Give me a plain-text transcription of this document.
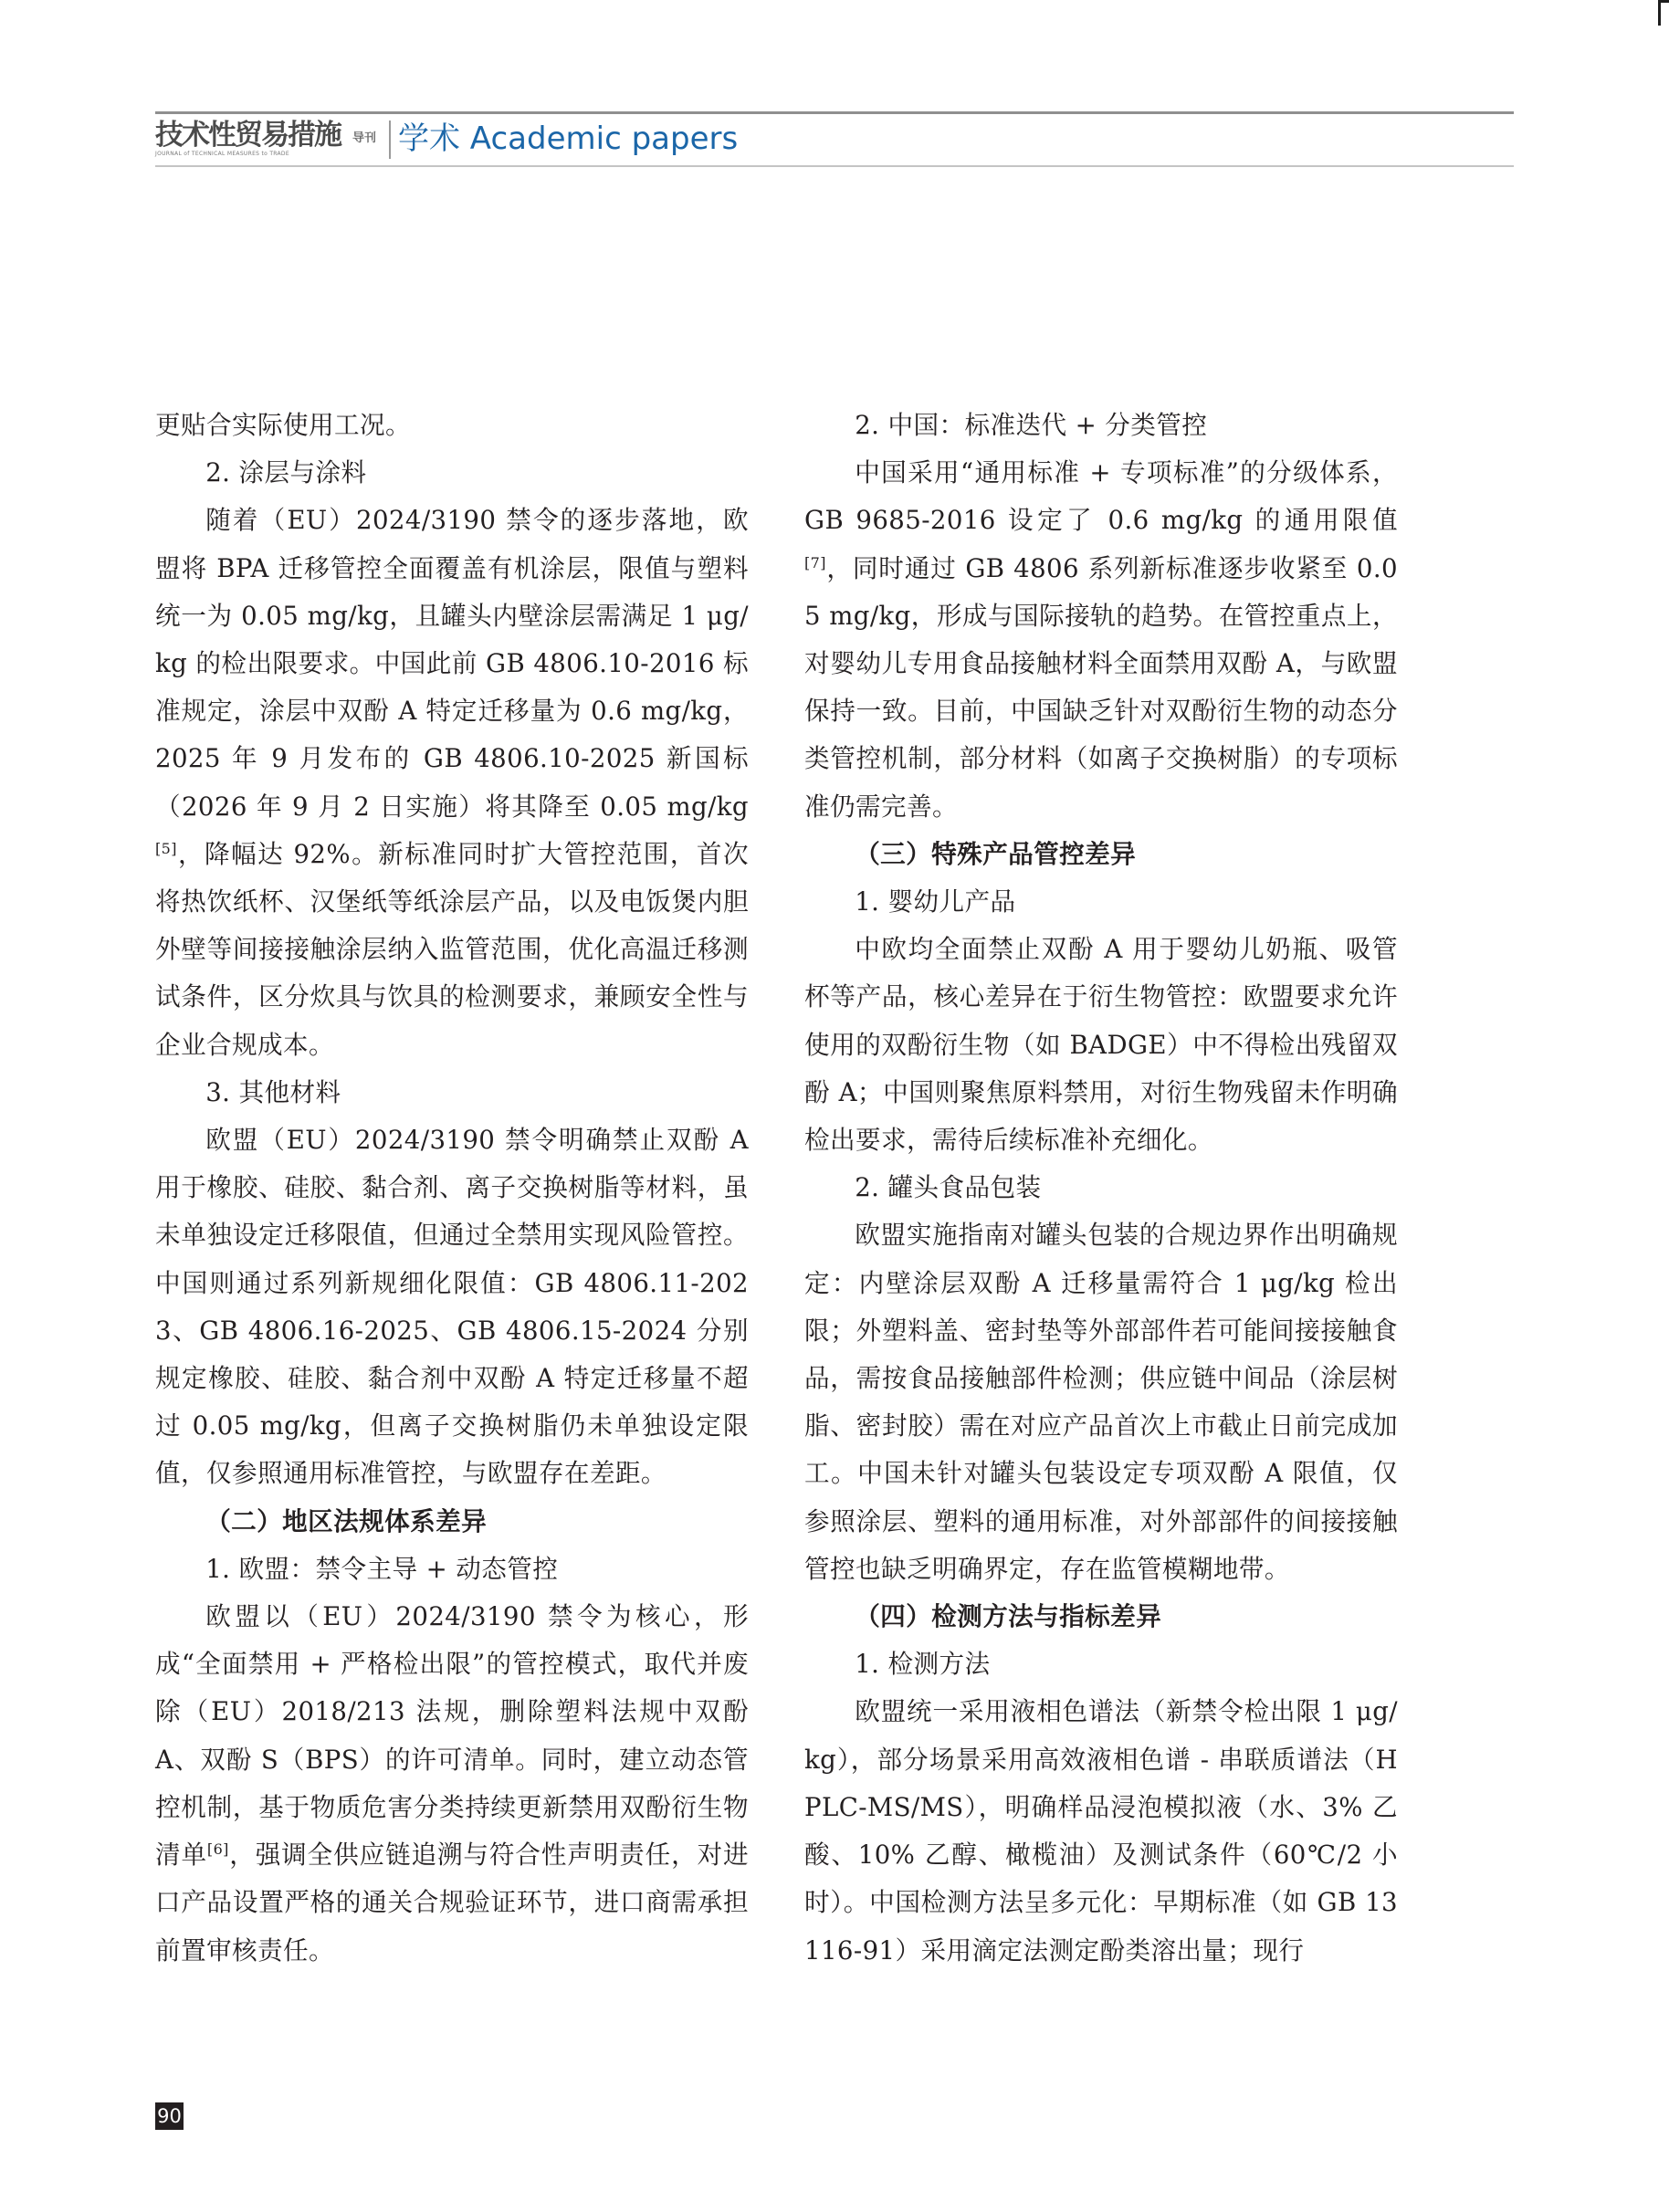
技术性贸易措施 导刊
JOURNAL of TECHNICAL MEASURES to TRADE	学术 Academic papers

更贴合实际使用工况。

2. 涂层与涂料

随着（EU）2024/3190 禁令的逐步落地，欧盟将 BPA 迁移管控全面覆盖有机涂层，限值与塑料统一为 0.05 mg/kg，且罐头内壁涂层需满足 1 μg/kg 的检出限要求。中国此前 GB 4806.10-2016 标准规定，涂层中双酚 A 特定迁移量为 0.6 mg/kg，2025 年 9 月发布的 GB 4806.10-2025 新国标（2026 年 9 月 2 日实施）将其降至 0.05 mg/kg[5]，降幅达 92%。新标准同时扩大管控范围，首次将热饮纸杯、汉堡纸等纸涂层产品，以及电饭煲内胆外壁等间接接触涂层纳入监管范围，优化高温迁移测试条件，区分炊具与饮具的检测要求，兼顾安全性与企业合规成本。

3. 其他材料

欧盟（EU）2024/3190 禁令明确禁止双酚 A 用于橡胶、硅胶、黏合剂、离子交换树脂等材料，虽未单独设定迁移限值，但通过全禁用实现风险管控。中国则通过系列新规细化限值：GB 4806.11-2023、GB 4806.16-2025、GB 4806.15-2024 分别规定橡胶、硅胶、黏合剂中双酚 A 特定迁移量不超过 0.05 mg/kg，但离子交换树脂仍未单独设定限值，仅参照通用标准管控，与欧盟存在差距。

（二）地区法规体系差异

1. 欧盟：禁令主导 + 动态管控

欧盟以（EU）2024/3190 禁令为核心，形成“全面禁用 + 严格检出限”的管控模式，取代并废除（EU）2018/213 法规，删除塑料法规中双酚 A、双酚 S（BPS）的许可清单。同时，建立动态管控机制，基于物质危害分类持续更新禁用双酚衍生物清单[6]，强调全供应链追溯与符合性声明责任，对进口产品设置严格的通关合规验证环节，进口商需承担前置审核责任。

2. 中国：标准迭代 + 分类管控

中国采用“通用标准 + 专项标准”的分级体系，GB 9685-2016 设定了 0.6 mg/kg 的通用限值[7]，同时通过 GB 4806 系列新标准逐步收紧至 0.05 mg/kg，形成与国际接轨的趋势。在管控重点上，对婴幼儿专用食品接触材料全面禁用双酚 A，与欧盟保持一致。目前，中国缺乏针对双酚衍生物的动态分类管控机制，部分材料（如离子交换树脂）的专项标准仍需完善。

（三）特殊产品管控差异

1. 婴幼儿产品

中欧均全面禁止双酚 A 用于婴幼儿奶瓶、吸管杯等产品，核心差异在于衍生物管控：欧盟要求允许使用的双酚衍生物（如 BADGE）中不得检出残留双酚 A；中国则聚焦原料禁用，对衍生物残留未作明确检出要求，需待后续标准补充细化。

2. 罐头食品包装

欧盟实施指南对罐头包装的合规边界作出明确规定：内壁涂层双酚 A 迁移量需符合 1 μg/kg 检出限；外塑料盖、密封垫等外部部件若可能间接接触食品，需按食品接触部件检测；供应链中间品（涂层树脂、密封胶）需在对应产品首次上市截止日前完成加工。中国未针对罐头包装设定专项双酚 A 限值，仅参照涂层、塑料的通用标准，对外部部件的间接接触管控也缺乏明确界定，存在监管模糊地带。

（四）检测方法与指标差异

1. 检测方法

欧盟统一采用液相色谱法（新禁令检出限 1 μg/kg），部分场景采用高效液相色谱 - 串联质谱法（HPLC-MS/MS），明确样品浸泡模拟液（水、3% 乙酸、10% 乙醇、橄榄油）及测试条件（60℃/2 小时）。中国检测方法呈多元化：早期标准（如 GB 13116-91）采用滴定法测定酚类溶出量；现行

90
